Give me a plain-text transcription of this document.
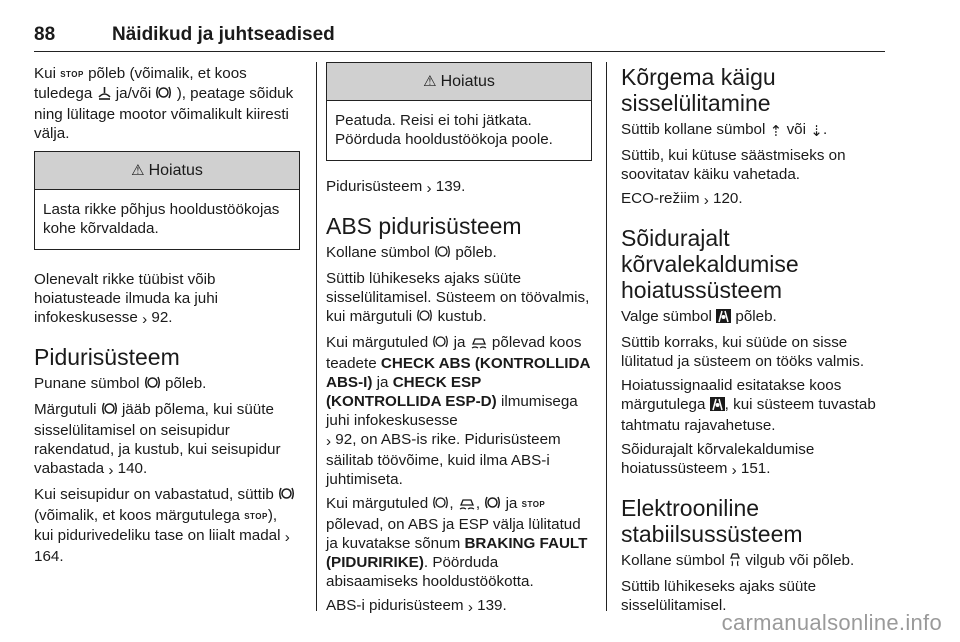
88	Näidikud ja juhtseadised

Kui STOP põleb (võimalik, et koos tuledega ja/või ), peatage sõiduk ning lülitage mootor võimalikult kiiresti välja.

⚠ Hoiatus
Lasta rikke põhjus hooldustöökojas kohe kõrvaldada.

Olenevalt rikke tüübist võib hoiatusteade ilmuda ka juhi infokeskusesse › 92.

Pidurisüsteem

Punane sümbol põleb.

Märgutuli jääb põlema, kui süüte sisselülitamisel on seisupidur rakendatud, ja kustub, kui seisupidur vabastada › 140.

Kui seisupidur on vabastatud, süttib  (võimalik, et koos märgutulega STOP), kui pidurivedeliku tase on liialt madal › 164.

⚠ Hoiatus
Peatuda. Reisi ei tohi jätkata. Pöörduda hooldustöökoja poole.

Pidurisüsteem › 139.

ABS pidurisüsteem

Kollane sümbol põleb.

Süttib lühikeseks ajaks süüte sisselülitamisel. Süsteem on töövalmis, kui märgutuli kustub.

Kui märgutuled ja põlevad koos teadete CHECK ABS (KONTROLLIDA ABS-I) ja CHECK ESP (KONTROLLIDA ESP-D) ilmumisega juhi infokeskusesse
› 92, on ABS-is rike. Pidurisüsteem säilitab töövõime, kuid ilma ABS-i juhtimiseta.

Kui märgutuled , , ja STOP põlevad, on ABS ja ESP välja lülitatud ja kuvatakse sõnum BRAKING FAULT (PIDURIRIKE). Pöörduda abisaamiseks hooldustöökotta.

ABS-i pidurisüsteem › 139.

Kõrgema käigu sisselülitamine

Süttib kollane sümbol ⇡ või ⇣.

Süttib, kui kütuse säästmiseks on soovitatav käiku vahetada.

ECO-režiim › 120.

Sõidurajalt kõrvalekaldumise hoiatussüsteem

Valge sümbol põleb.

Süttib korraks, kui süüde on sisse lülitatud ja süsteem on tööks valmis.

Hoiatussignaalid esitatakse koos märgutulega , kui süsteem tuvastab tahtmatu rajavahetuse.

Sõidurajalt kõrvalekaldumise hoiatussüsteem › 151.

Elektrooniline stabiilsussüsteem

Kollane sümbol vilgub või põleb.

Süttib lühikeseks ajaks süüte sisselülitamisel.

carmanualsonline.info
